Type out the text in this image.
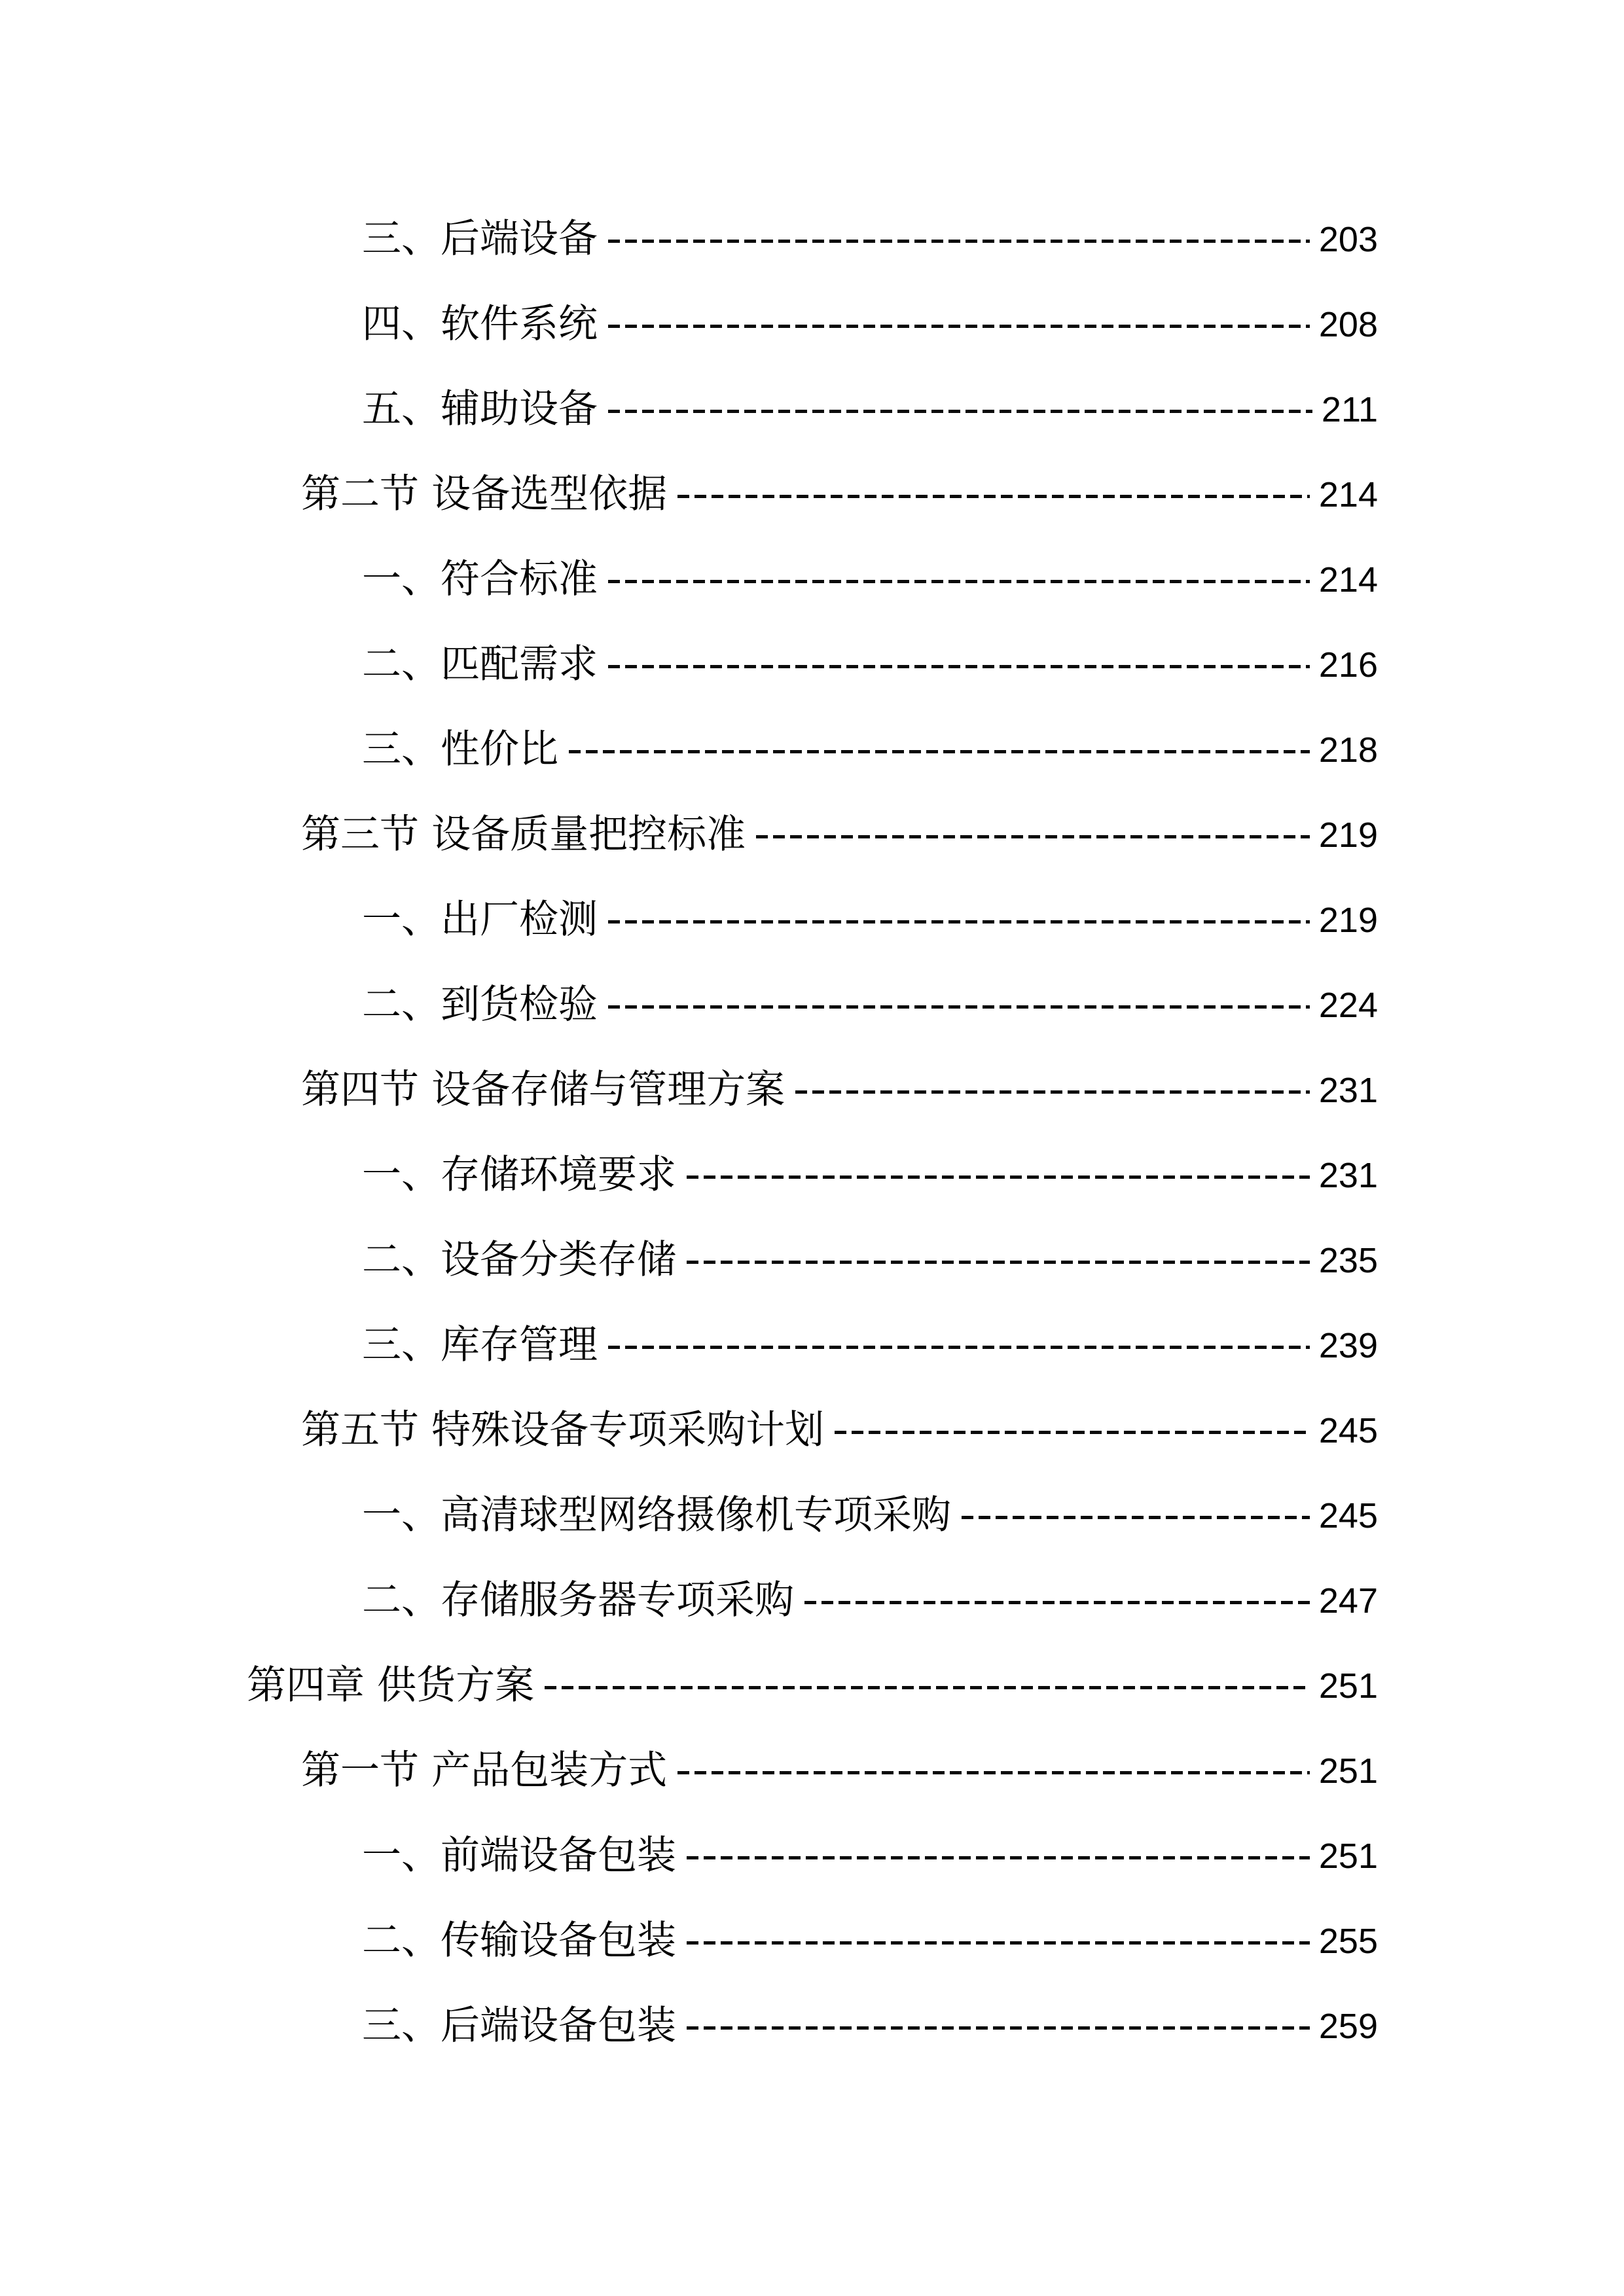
三、后端设备	203
四、软件系统	208
五、辅助设备	211
第二节 设备选型依据	214
一、符合标准	214
二、匹配需求	216
三、性价比	218
第三节 设备质量把控标准	219
一、出厂检测	219
二、到货检验	224
第四节 设备存储与管理方案	231
一、存储环境要求	231
二、设备分类存储	235
三、库存管理	239
第五节 特殊设备专项采购计划	245
一、高清球型网络摄像机专项采购	245
二、存储服务器专项采购	247
第四章 供货方案	251
第一节 产品包装方式	251
一、前端设备包装	251
二、传输设备包装	255
三、后端设备包装	259
